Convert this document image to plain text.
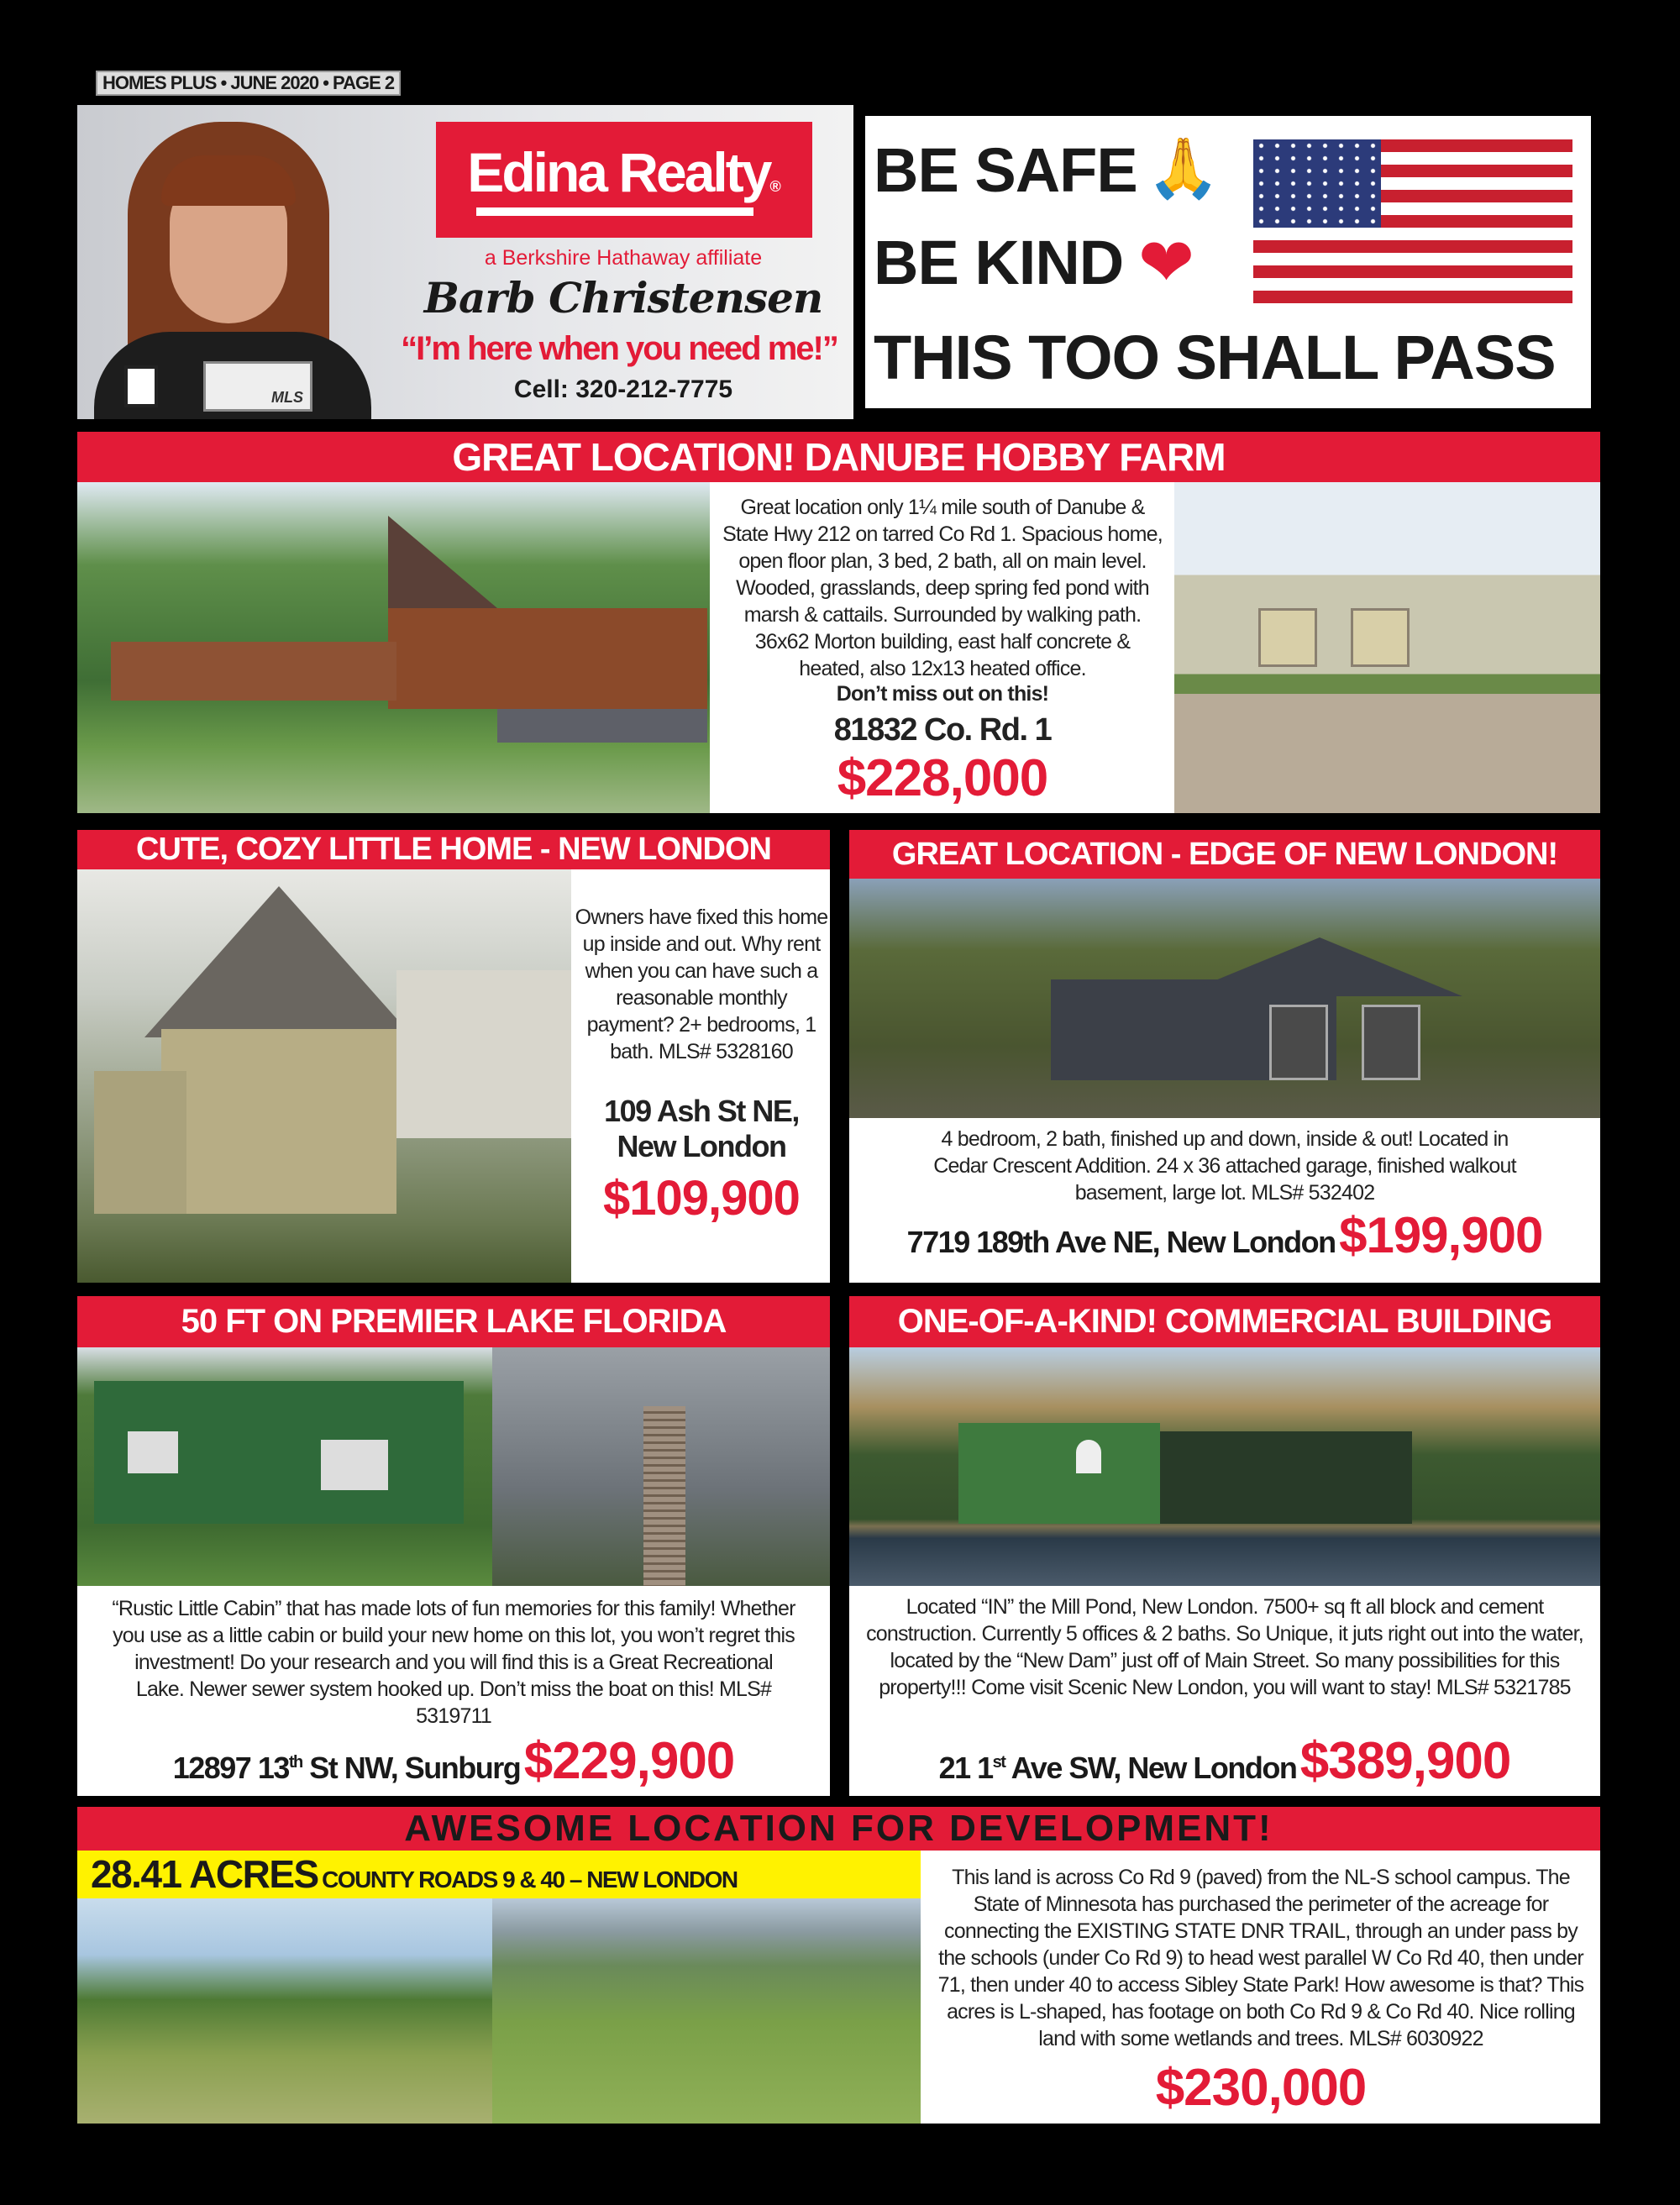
HOMES PLUS • JUNE 2020 • PAGE 2
MLS
Edina Realty®
a Berkshire Hathaway affiliate
Barb Christensen
“I’m here when you need me!”
Cell: 320-212-7775
BE SAFE 🙏
BE KIND ❤
THIS TOO SHALL PASS
GREAT LOCATION! DANUBE HOBBY FARM
Great location only 1¼ mile south of Danube & State Hwy 212 on tarred Co Rd 1. Spacious home, open floor plan, 3 bed, 2 bath, all on main level. Wooded, grasslands, deep spring fed pond with marsh & cattails. Surrounded by walking path. 36x62 Morton building, east half concrete & heated, also 12x13 heated office.
Don’t miss out on this!
81832 Co. Rd. 1
$228,000
CUTE, COZY LITTLE HOME - NEW LONDON
Owners have fixed this home up inside and out. Why rent when you can have such a reasonable monthly payment? 2+ bedrooms, 1 bath. MLS# 5328160
109 Ash St NE, New London
$109,900
GREAT LOCATION - EDGE OF NEW LONDON!
4 bedroom, 2 bath, finished up and down, inside & out! Located in Cedar Crescent Addition. 24 x 36 attached garage, finished walkout basement, large lot. MLS# 532402
7719 189th Ave NE, New London $199,900
50 FT ON PREMIER LAKE FLORIDA
“Rustic Little Cabin” that has made lots of fun memories for this family! Whether you use as a little cabin or build your new home on this lot, you won’t regret this investment! Do your research and you will find this is a Great Recreational Lake. Newer sewer system hooked up. Don’t miss the boat on this! MLS# 5319711
12897 13th St NW, Sunburg $229,900
ONE-OF-A-KIND! COMMERCIAL BUILDING
Located “IN” the Mill Pond, New London. 7500+ sq ft all block and cement construction. Currently 5 offices & 2 baths. So Unique, it juts right out into the water, located by the “New Dam” just off of Main Street. So many possibilities for this property!!! Come visit Scenic New London, you will want to stay! MLS# 5321785
21 1st Ave SW, New London $389,900
AWESOME LOCATION FOR DEVELOPMENT!
28.41 ACRES COUNTY ROADS 9 & 40 – NEW LONDON	This land is across Co Rd 9 (paved) from the NL-S school campus. The State of Minnesota has purchased the perimeter of the acreage for connecting the EXISTING STATE DNR TRAIL, through an under pass by the schools (under Co Rd 9) to head west parallel W Co Rd 40, then under 71, then under 40 to access Sibley State Park! How awesome is that? This acres is L-shaped, has footage on both Co Rd 9 & Co Rd 40. Nice rolling land with some wetlands and trees. MLS# 6030922
$230,000
